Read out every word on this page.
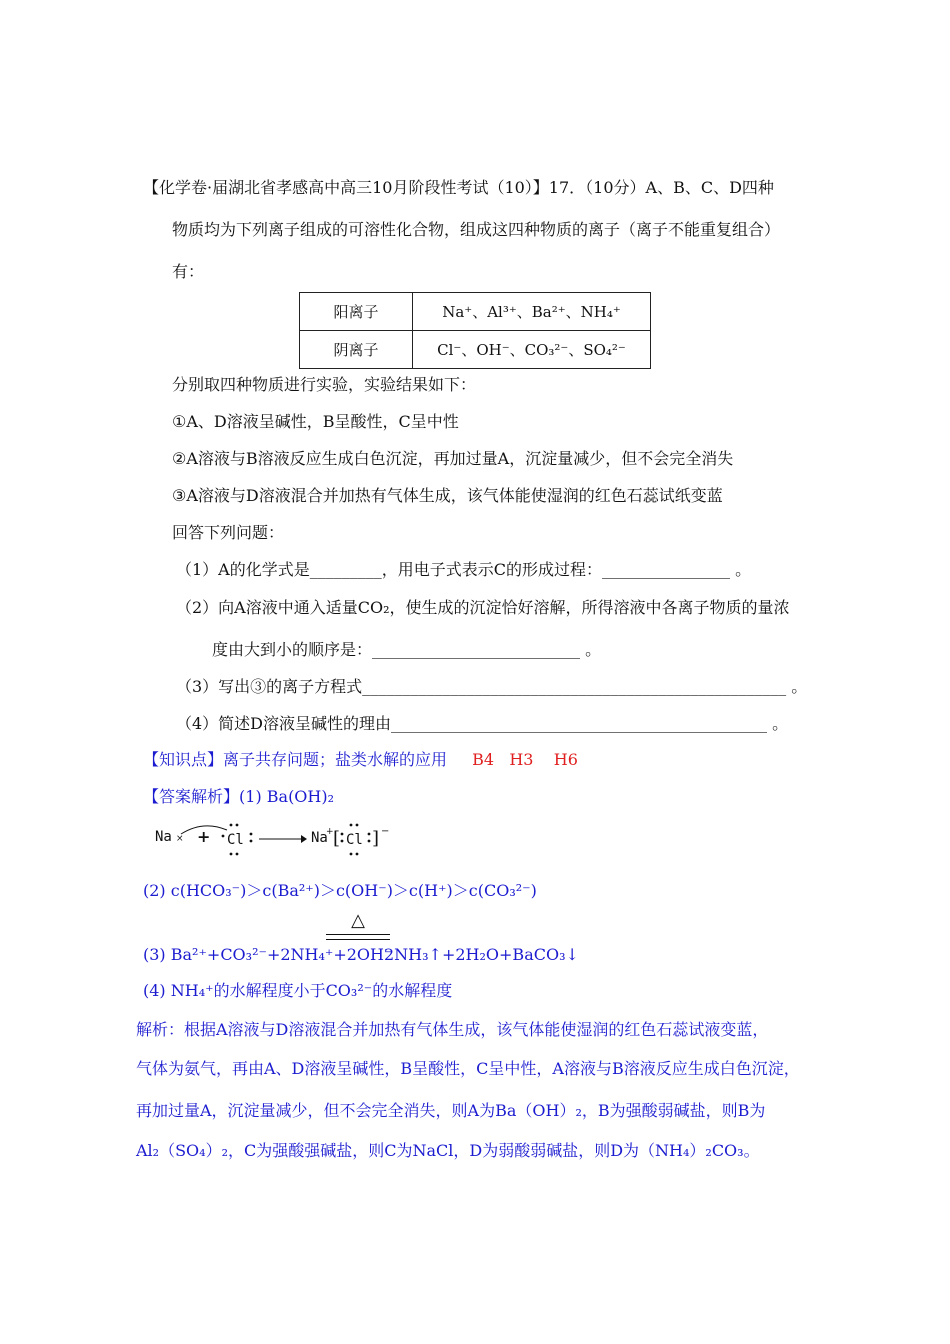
【化学卷·届湖北省孝感高中高三10月阶段性考试（10）】17．（10分）A、B、C、D四种
物质均为下列离子组成的可溶性化合物，组成这四种物质的离子（离子不能重复组合）
有：
阳离子	Na⁺、Al³⁺、Ba²⁺、NH₄⁺
阴离子	Cl⁻、OH⁻、CO₃²⁻、SO₄²⁻
分别取四种物质进行实验，实验结果如下：
①A、D溶液呈碱性，B呈酸性，C呈中性
②A溶液与B溶液反应生成白色沉淀，再加过量A，沉淀量减少，但不会完全消失
③A溶液与D溶液混合并加热有气体生成，该气体能使湿润的红色石蕊试纸变蓝
回答下列问题：
（1）A的化学式是_________，用电子式表示C的形成过程：________________ 。
（2）向A溶液中通入适量CO₂，使生成的沉淀恰好溶解，所得溶液中各离子物质的量浓
度由大到小的顺序是：__________________________ 。
（3）写出③的离子方程式_____________________________________________________ 。
（4）简述D溶液呈碱性的理由_______________________________________________ 。
【知识点】离子共存问题；盐类水解的应用 B4   H3    H6
【答案解析】(1) Ba(OH)₂
Na × + Cl	Na
+ [ Cl ] −
(2) c(HCO₃⁻)＞c(Ba²⁺)＞c(OH⁻)＞c(H⁺)＞c(CO₃²⁻)
△
(3) Ba²⁺+CO₃²⁻+2NH₄⁺+2OH⁻
2NH₃↑+2H₂O+BaCO₃↓
(4) NH₄⁺的水解程度小于CO₃²⁻的水解程度
解析：根据A溶液与D溶液混合并加热有气体生成，该气体能使湿润的红色石蕊试液变蓝，
气体为氨气，再由A、D溶液呈碱性，B呈酸性，C呈中性，A溶液与B溶液反应生成白色沉淀，
再加过量A，沉淀量减少，但不会完全消失，则A为Ba（OH）₂，B为强酸弱碱盐，则B为
Al₂（SO₄）₂，C为强酸强碱盐，则C为NaCl，D为弱酸弱碱盐，则D为（NH₄）₂CO₃。
